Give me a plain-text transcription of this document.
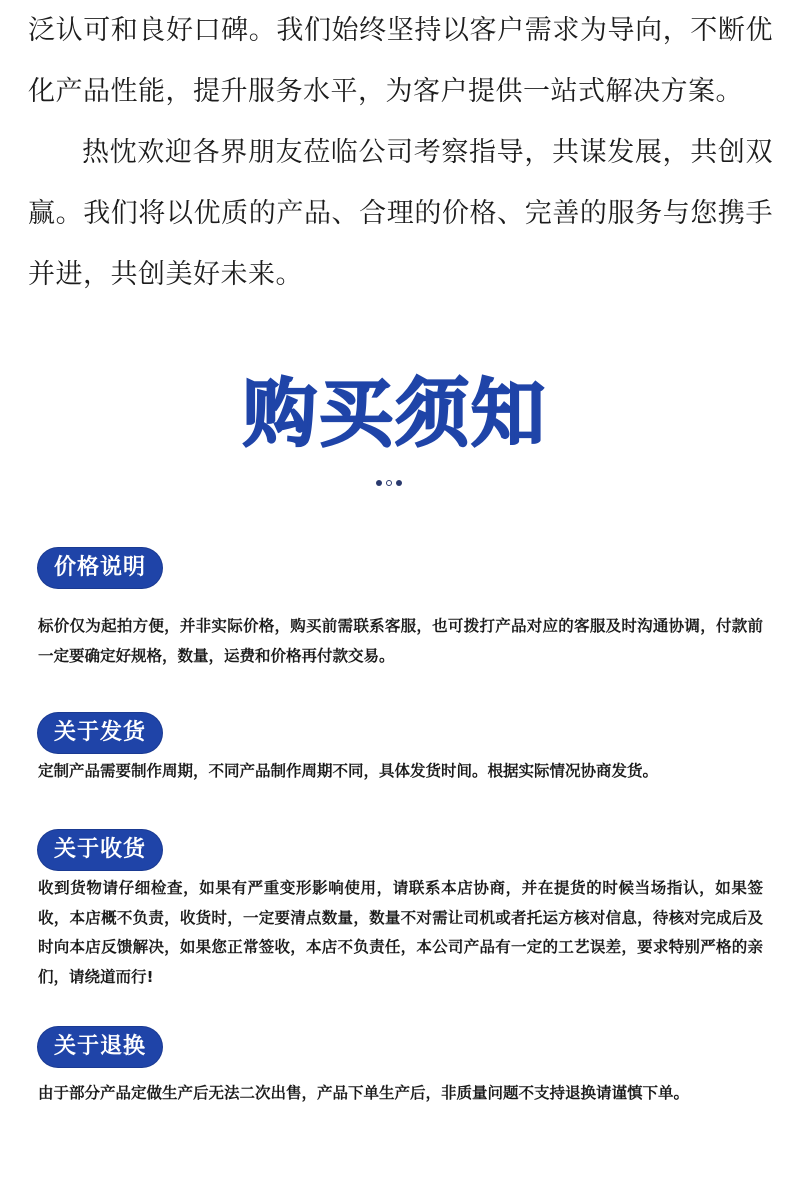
泛认可和良好口碑。我们始终坚持以客户需求为导向，不断优化产品性能，提升服务水平，为客户提供一站式解决方案。

热忱欢迎各界朋友莅临公司考察指导，共谋发展，共创双赢。我们将以优质的产品、合理的价格、完善的服务与您携手并进，共创美好未来。

购买须知
价格说明

标价仅为起拍方便，并非实际价格，购买前需联系客服，也可拨打产品对应的客服及时沟通协调，付款前一定要确定好规格，数量，运费和价格再付款交易。

关于发货

定制产品需要制作周期，不同产品制作周期不同，具体发货时间。根据实际情况协商发货。

关于收货

收到货物请仔细检查，如果有严重变形影响使用，请联系本店协商，并在提货的时候当场指认，如果签收，本店概不负责，收货时，一定要清点数量，数量不对需让司机或者托运方核对信息，待核对完成后及时向本店反馈解决，如果您正常签收，本店不负责任，本公司产品有一定的工艺误差，要求特别严格的亲们，请绕道而行!

关于退换

由于部分产品定做生产后无法二次出售，产品下单生产后，非质量问题不支持退换请谨慎下单。
